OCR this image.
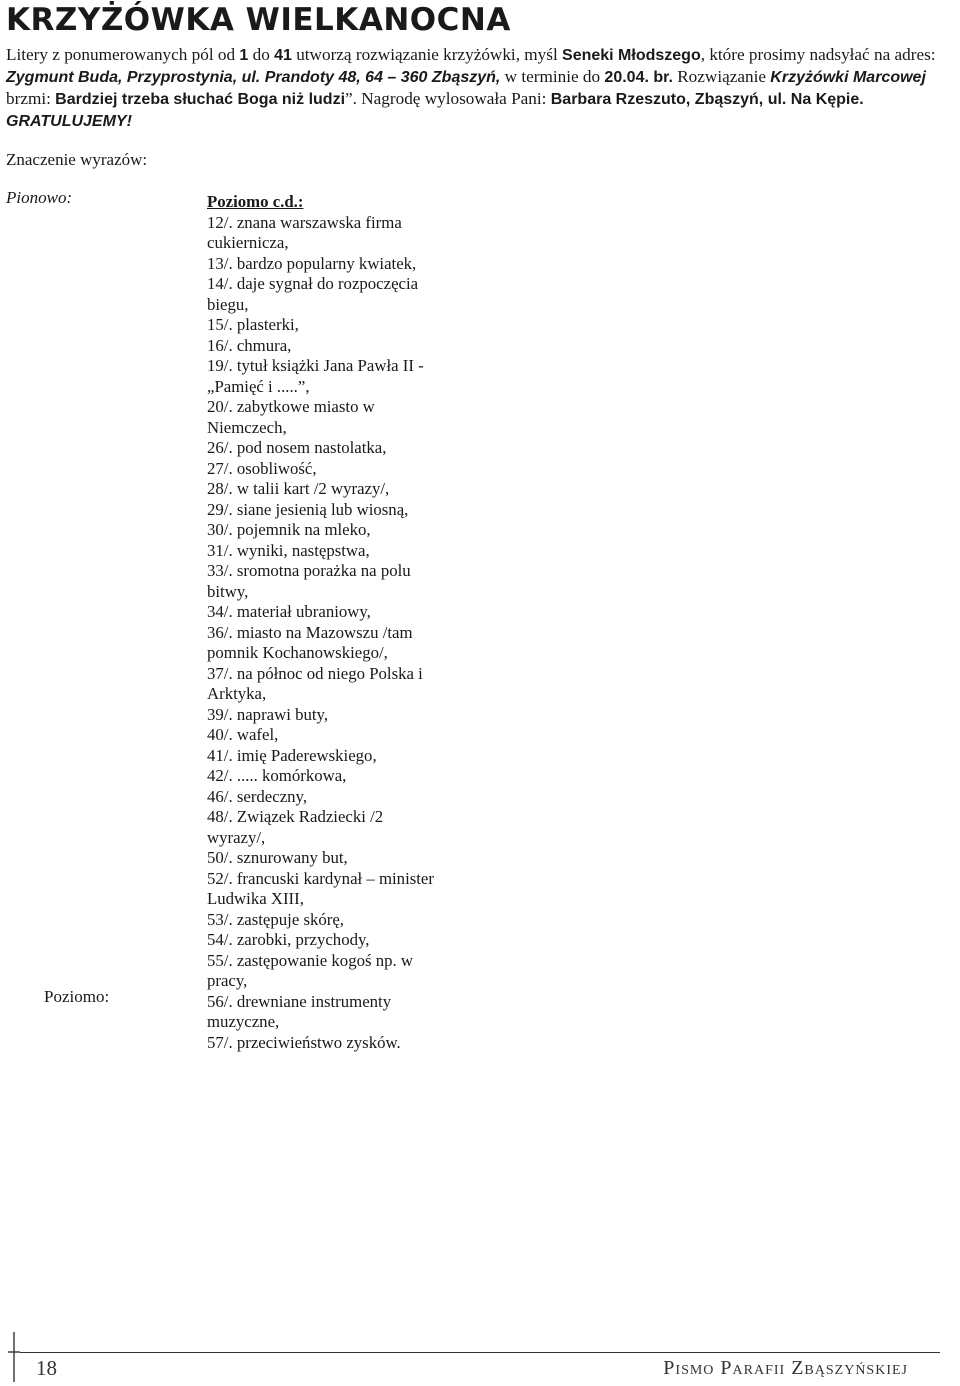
KRZYŻÓWKA WIELKANOCNA
Litery z ponumerowanych pól od 1 do 41 utworzą rozwiązanie krzyżówki, myśl Seneki Młodszego, które prosimy nadsyłać na adres: Zygmunt Buda, Przyprostynia, ul. Prandoty 48, 64 – 360 Zbąszyń, w terminie do 20.04. br. Rozwiązanie Krzyżówki Marcowej brzmi: Bardziej trzeba słuchać Boga niż ludzi”. Nagrodę wylosowała Pani: Barbara Rzeszuto, Zbąszyń, ul. Na Kępie. GRATULUJEMY!
Znaczenie wyrazów:
Pionowo:
Poziomo:
Poziomo c.d.:

12/. znana warszawska firma cukiernicza,

13/. bardzo popularny kwiatek,

14/. daje sygnał do rozpoczęcia biegu,

15/. plasterki,

16/. chmura,

19/. tytuł książki Jana Pawła II - „Pamięć i .....”,

20/. zabytkowe miasto w Niemczech,

26/. pod nosem nastolatka,

27/. osobliwość,

28/. w talii kart /2 wyrazy/,

29/. siane jesienią lub wiosną,

30/. pojemnik na mleko,

31/. wyniki, następstwa,

33/. sromotna porażka na polu bitwy,

34/. materiał ubraniowy,

36/. miasto na Mazowszu /tam pomnik Kochanowskiego/,

37/. na północ od niego Polska i Arktyka,

39/. naprawi buty,

40/. wafel,

41/. imię Paderewskiego,

42/. ..... komórkowa,

46/. serdeczny,

48/. Związek Radziecki /2 wyrazy/,

50/. sznurowany but,

52/. francuski kardynał – minister Ludwika XIII,

53/. zastępuje skórę,

54/. zarobki, przychody,

55/. zastępowanie kogoś np. w pracy,

56/. drewniane instrumenty muzyczne,

57/. przeciwieństwo zysków.

18	Pismo Parafii Zbąszyńskiej
